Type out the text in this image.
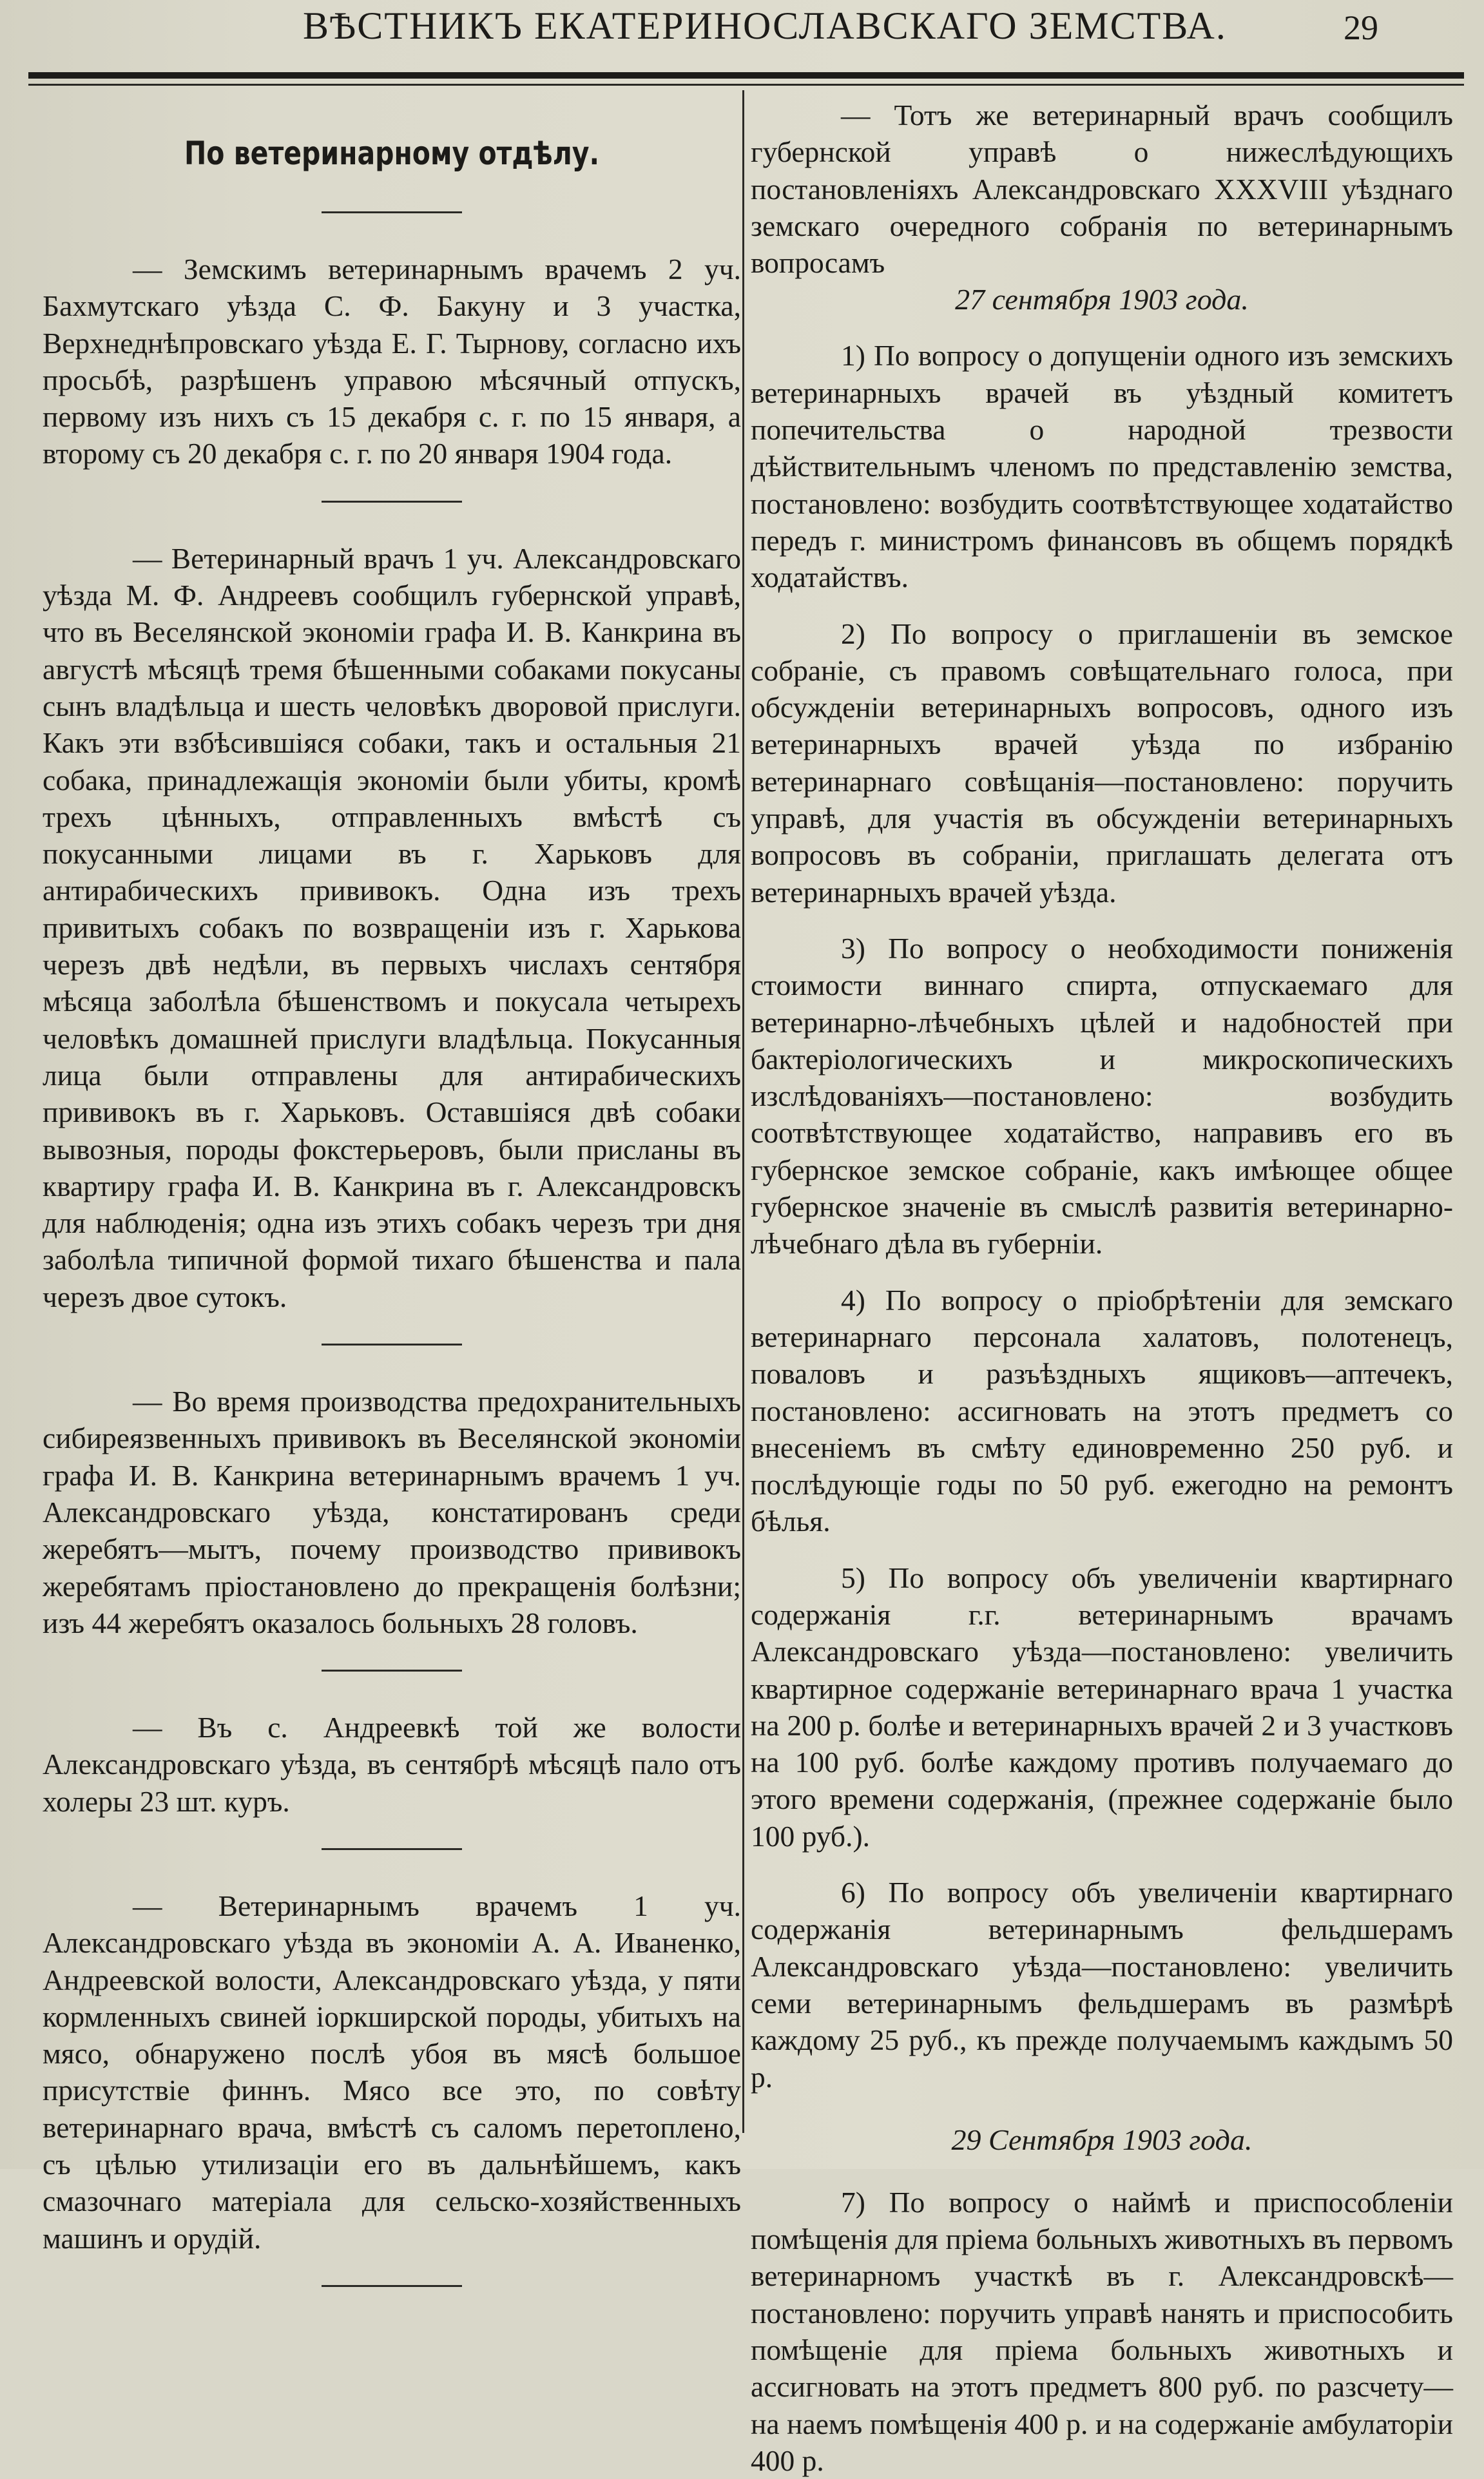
ВѢСТНИКЪ ЕКАТЕРИНОСЛАВСКАГО ЗЕМСТВА.	29
По ветеринарному отдѣлу.

— Земскимъ ветеринарнымъ врачемъ 2 уч. Бахмутскаго уѣзда С. Ф. Бакуну и 3 участка, Верхнеднѣпровскаго уѣзда Е. Г. Тырнову, согласно ихъ просьбѣ, разрѣшенъ управою мѣсячный отпускъ, первому изъ нихъ съ 15 декабря с. г. по 15 января, а второму съ 20 декабря с. г. по 20 января 1904 года.

— Ветеринарный врачъ 1 уч. Александровскаго уѣзда М. Ф. Андреевъ сообщилъ губернской управѣ, что въ Веселянской экономіи графа И. В. Канкрина въ августѣ мѣсяцѣ тремя бѣшенными собаками покусаны сынъ владѣльца и шесть человѣкъ дворовой прислуги. Какъ эти взбѣсившіяся собаки, такъ и остальныя 21 собака, принадлежащія экономіи были убиты, кромѣ трехъ цѣнныхъ, отправленныхъ вмѣстѣ съ покусанными лицами въ г. Харьковъ для антирабическихъ прививокъ. Одна изъ трехъ привитыхъ собакъ по возвращеніи изъ г. Харькова черезъ двѣ недѣли, въ первыхъ числахъ сентября мѣсяца заболѣла бѣшенствомъ и покусала четырехъ человѣкъ домашней прислуги владѣльца. Покусанныя лица были отправлены для антирабическихъ прививокъ въ г. Харьковъ. Оставшіяся двѣ собаки вывозныя, породы фокстерьеровъ, были присланы въ квартиру графа И. В. Канкрина въ г. Александровскъ для наблюденія; одна изъ этихъ собакъ черезъ три дня заболѣла типичной формой тихаго бѣшенства и пала черезъ двое сутокъ.

— Во время производства предохранительныхъ сибиреязвенныхъ прививокъ въ Веселянской экономіи графа И. В. Канкрина ветеринарнымъ врачемъ 1 уч. Александровскаго уѣзда, констатированъ среди жеребятъ—мытъ, почему производство прививокъ жеребятамъ пріостановлено до прекращенія болѣзни; изъ 44 жеребятъ оказалось больныхъ 28 головъ.

— Въ с. Андреевкѣ той же волости Александровскаго уѣзда, въ сентябрѣ мѣсяцѣ пало отъ холеры 23 шт. куръ.

— Ветеринарнымъ врачемъ 1 уч. Александровскаго уѣзда въ экономіи А. А. Иваненко, Андреевской волости, Александровскаго уѣзда, у пяти кормленныхъ свиней іоркширской породы, убитыхъ на мясо, обнаружено послѣ убоя въ мясѣ большое присутствіе финнъ. Мясо все это, по совѣту ветеринарнаго врача, вмѣстѣ съ саломъ перетоплено, съ цѣлью утилизаціи его въ дальнѣйшемъ, какъ смазочнаго матеріала для сельско-хозяйственныхъ машинъ и орудій.

— Тотъ же ветеринарный врачъ сообщилъ губернской управѣ о нижеслѣдующихъ постановленіяхъ Александровскаго XXXVIII уѣзднаго земскаго очередного собранія по ветеринарнымъ вопросамъ

27 сентября 1903 года.

1) По вопросу о допущеніи одного изъ земскихъ ветеринарныхъ врачей въ уѣздный комитетъ попечительства о народной трезвости дѣйствительнымъ членомъ по представленію земства, постановлено: возбудить соотвѣтствующее ходатайство передъ г. министромъ финансовъ въ общемъ порядкѣ ходатайствъ.

2) По вопросу о приглашеніи въ земское собраніе, съ правомъ совѣщательнаго голоса, при обсужденіи ветеринарныхъ вопросовъ, одного изъ ветеринарныхъ врачей уѣзда по избранію ветеринарнаго совѣщанія—постановлено: поручить управѣ, для участія въ обсужденіи ветеринарныхъ вопросовъ въ собраніи, приглашать делегата отъ ветеринарныхъ врачей уѣзда.

3) По вопросу о необходимости пониженія стоимости виннаго спирта, отпускаемаго для ветеринарно-лѣчебныхъ цѣлей и надобностей при бактеріологическихъ и микроскопическихъ изслѣдованіяхъ—постановлено: возбудить соотвѣтствующее ходатайство, направивъ его въ губернское земское собраніе, какъ имѣющее общее губернское значеніе въ смыслѣ развитія ветеринарно-лѣчебнаго дѣла въ губерніи.

4) По вопросу о пріобрѣтеніи для земскаго ветеринарнаго персонала халатовъ, полотенецъ, поваловъ и разъѣздныхъ ящиковъ—аптечекъ, постановлено: ассигновать на этотъ предметъ со внесеніемъ въ смѣту единовременно 250 руб. и послѣдующіе годы по 50 руб. ежегодно на ремонтъ бѣлья.

5) По вопросу объ увеличеніи квартирнаго содержанія г.г. ветеринарнымъ врачамъ Александровскаго уѣзда—постановлено: увеличить квартирное содержаніе ветеринарнаго врача 1 участка на 200 р. болѣе и ветеринарныхъ врачей 2 и 3 участковъ на 100 руб. болѣе каждому противъ получаемаго до этого времени содержанія, (прежнее содержаніе было 100 руб.).

6) По вопросу объ увеличеніи квартирнаго содержанія ветеринарнымъ фельдшерамъ Александровскаго уѣзда—постановлено: увеличить семи ветеринарнымъ фельдшерамъ въ размѣрѣ каждому 25 руб., къ прежде получаемымъ каждымъ 50 р.

29 Сентября 1903 года.

7) По вопросу о наймѣ и приспособленіи помѣщенія для пріема больныхъ животныхъ въ первомъ ветеринарномъ участкѣ въ г. Александровскѣ—постановлено: поручить управѣ нанять и приспособить помѣщеніе для пріема больныхъ животныхъ и ассигновать на этотъ предметъ 800 руб. по разсчету—на наемъ помѣщенія 400 р. и на содержаніе амбулаторіи 400 р.
